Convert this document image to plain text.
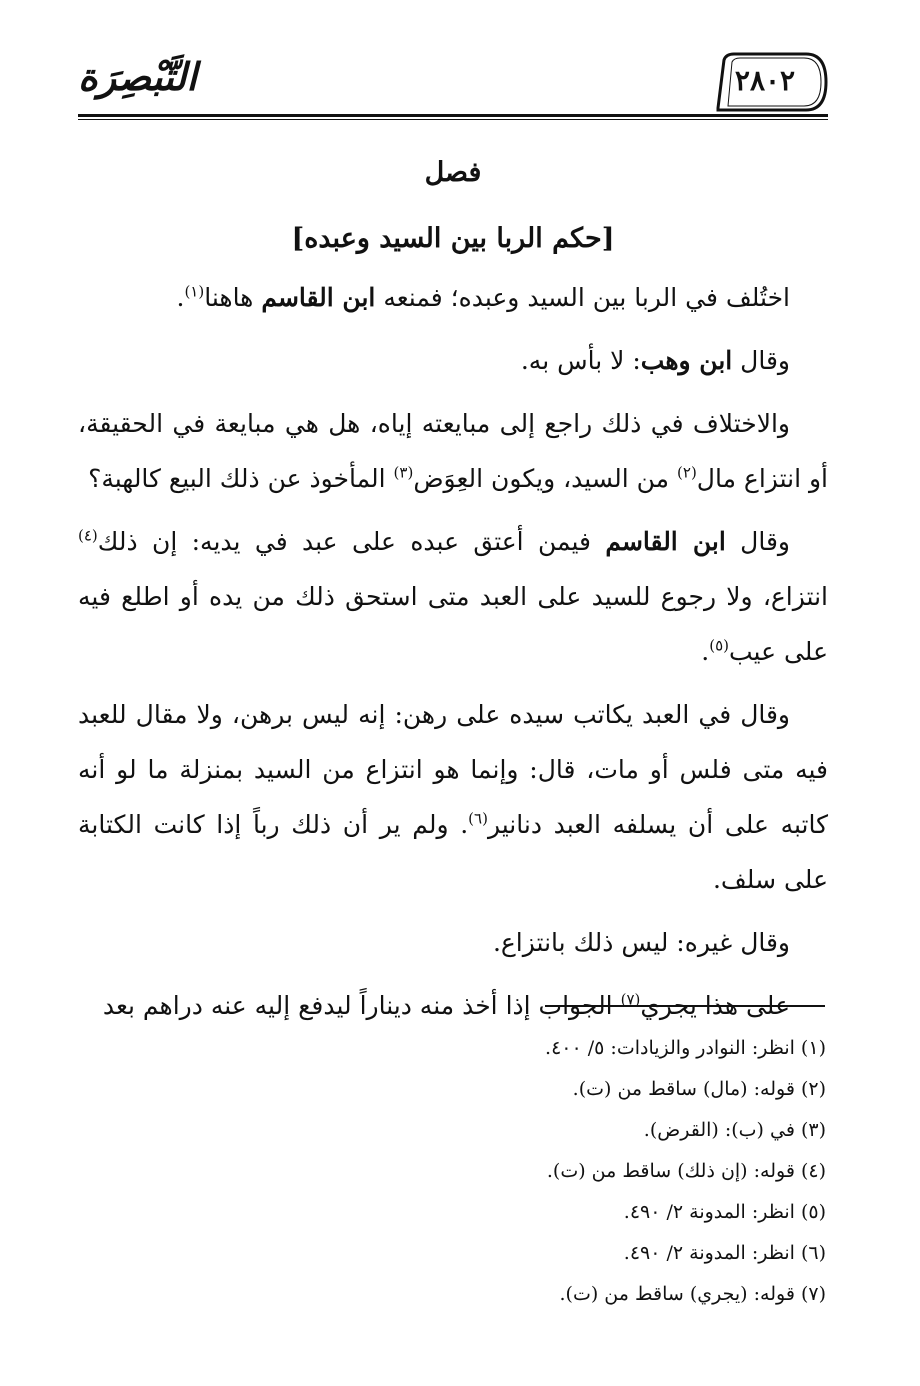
التَّبْصِرَة	٢٨٠٢
فصل
[حكم الربا بين السيد وعبده]

اختُلف في الربا بين السيد وعبده؛ فمنعه ابن القاسم هاهنا$^{(١)}$.

وقال ابن وهب: لا بأس به.

والاختلاف في ذلك راجع إلى مبايعته إياه، هل هي مبايعة في الحقيقة، أو انتزاع مال$^{(٢)}$ من السيد، ويكون العِوَض$^{(٣)}$ المأخوذ عن ذلك البيع كالهبة؟

وقال ابن القاسم فيمن أعتق عبده على عبد في يديه: إن ذلك$^{(٤)}$ انتزاع، ولا رجوع للسيد على العبد متى استحق ذلك من يده أو اطلع فيه على عيب$^{(٥)}$.

وقال في العبد يكاتب سيده على رهن: إنه ليس برهن، ولا مقال للعبد فيه متى فلس أو مات، قال: وإنما هو انتزاع من السيد بمنزلة ما لو أنه كاتبه على أن يسلفه العبد دنانير$^{(٦)}$. ولم ير أن ذلك رباً إذا كانت الكتابة على سلف.

وقال غيره: ليس ذلك بانتزاع.

على هذا يجري$^{(٧)}$ الجواب إذا أخذ منه ديناراً ليدفع إليه عنه دراهم بعد

(١) انظر: النوادر والزيادات: ٥/ ٤٠٠.

(٢) قوله: (مال) ساقط من (ت).

(٣) في (ب): (القرض).

(٤) قوله: (إن ذلك) ساقط من (ت).

(٥) انظر: المدونة ٢/ ٤٩٠.

(٦) انظر: المدونة ٢/ ٤٩٠.

(٧) قوله: (يجري) ساقط من (ت).
